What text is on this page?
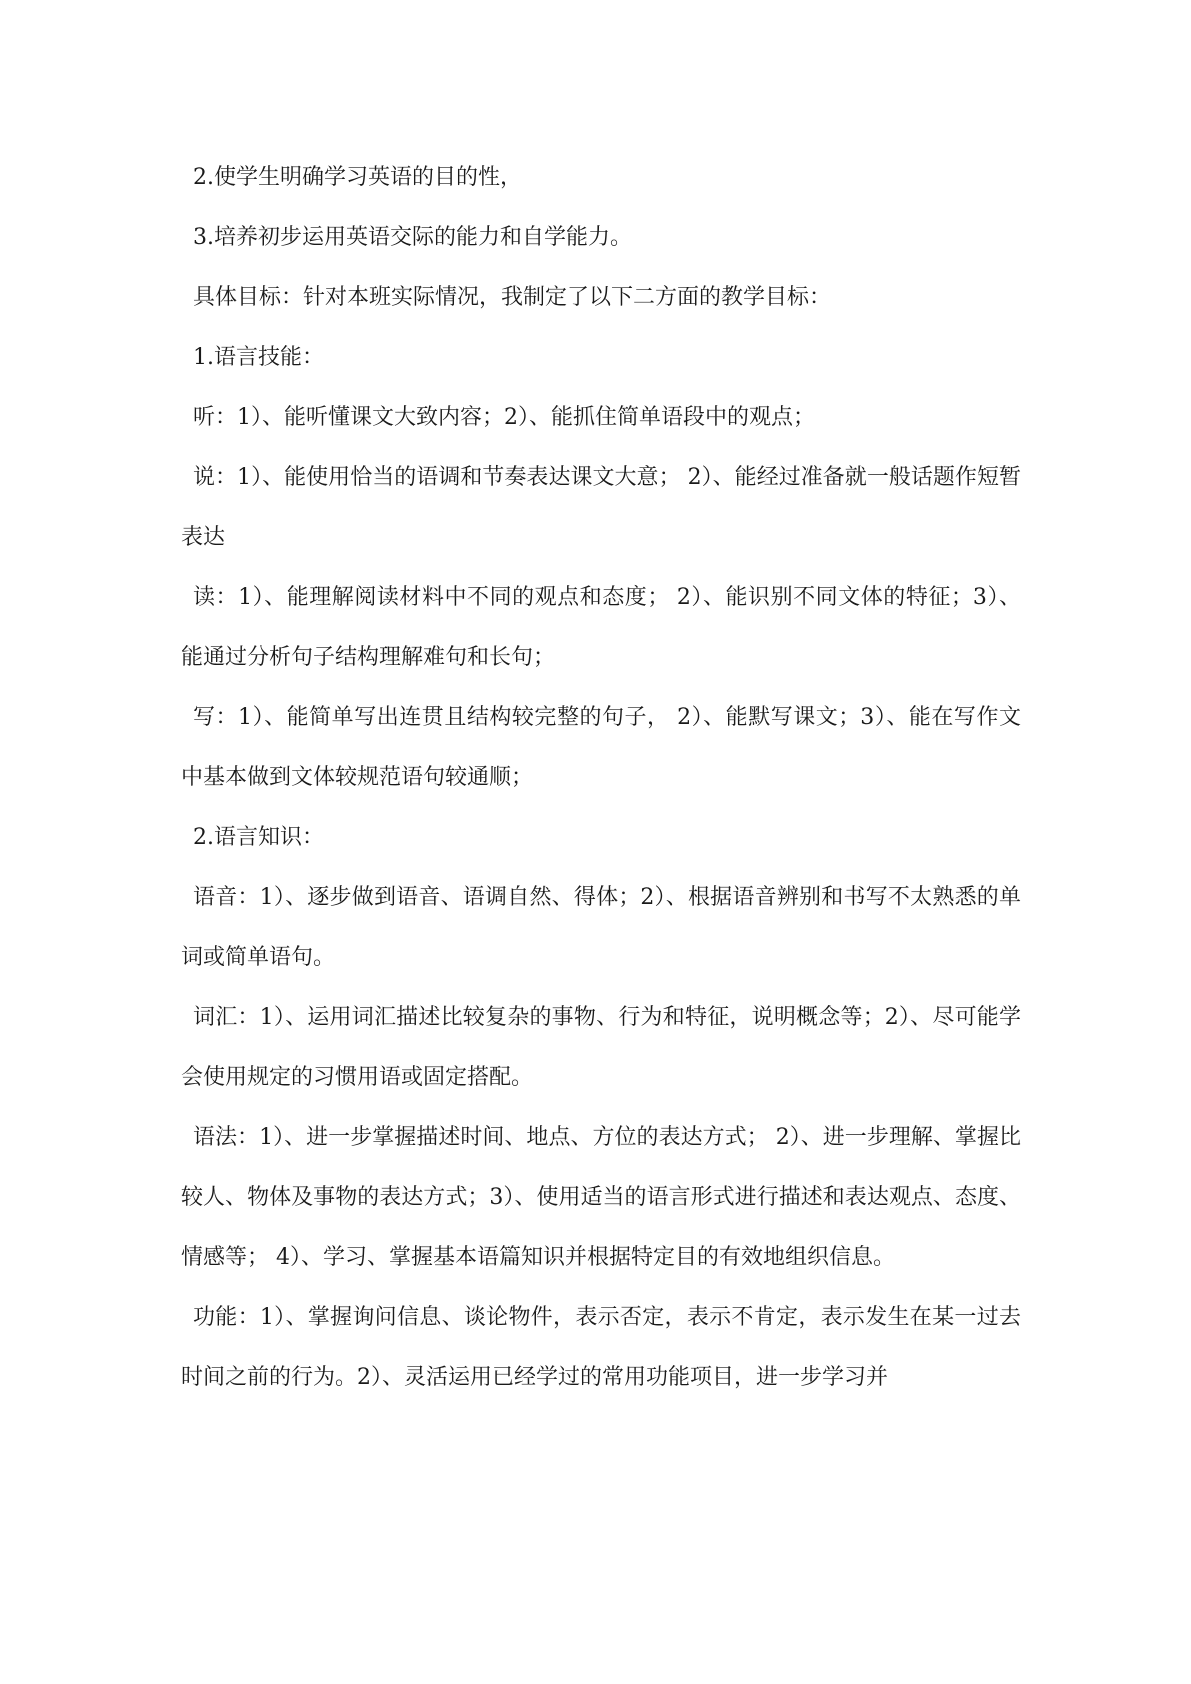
2.使学生明确学习英语的目的性，

3.培养初步运用英语交际的能力和自学能力。

具体目标：针对本班实际情况，我制定了以下二方面的教学目标：

1.语言技能：

听：1）、能听懂课文大致内容；2）、能抓住简单语段中的观点；

说：1）、能使用恰当的语调和节奏表达课文大意； 2）、能经过准备就一般话题作短暂表达

读：1）、能理解阅读材料中不同的观点和态度； 2）、能识别不同文体的特征；3）、能通过分析句子结构理解难句和长句；

写：1）、能简单写出连贯且结构较完整的句子， 2）、能默写课文；3）、能在写作文中基本做到文体较规范语句较通顺；

2.语言知识：

语音：1）、逐步做到语音、语调自然、得体；2）、根据语音辨别和书写不太熟悉的单词或简单语句。

词汇：1）、运用词汇描述比较复杂的事物、行为和特征，说明概念等；2）、尽可能学会使用规定的习惯用语或固定搭配。

语法：1）、进一步掌握描述时间、地点、方位的表达方式； 2）、进一步理解、掌握比较人、物体及事物的表达方式；3）、使用适当的语言形式进行描述和表达观点、态度、情感等； 4）、学习、掌握基本语篇知识并根据特定目的有效地组织信息。

功能：1）、掌握询问信息、谈论物件，表示否定，表示不肯定，表示发生在某一过去时间之前的行为。2）、灵活运用已经学过的常用功能项目，进一步学习并
